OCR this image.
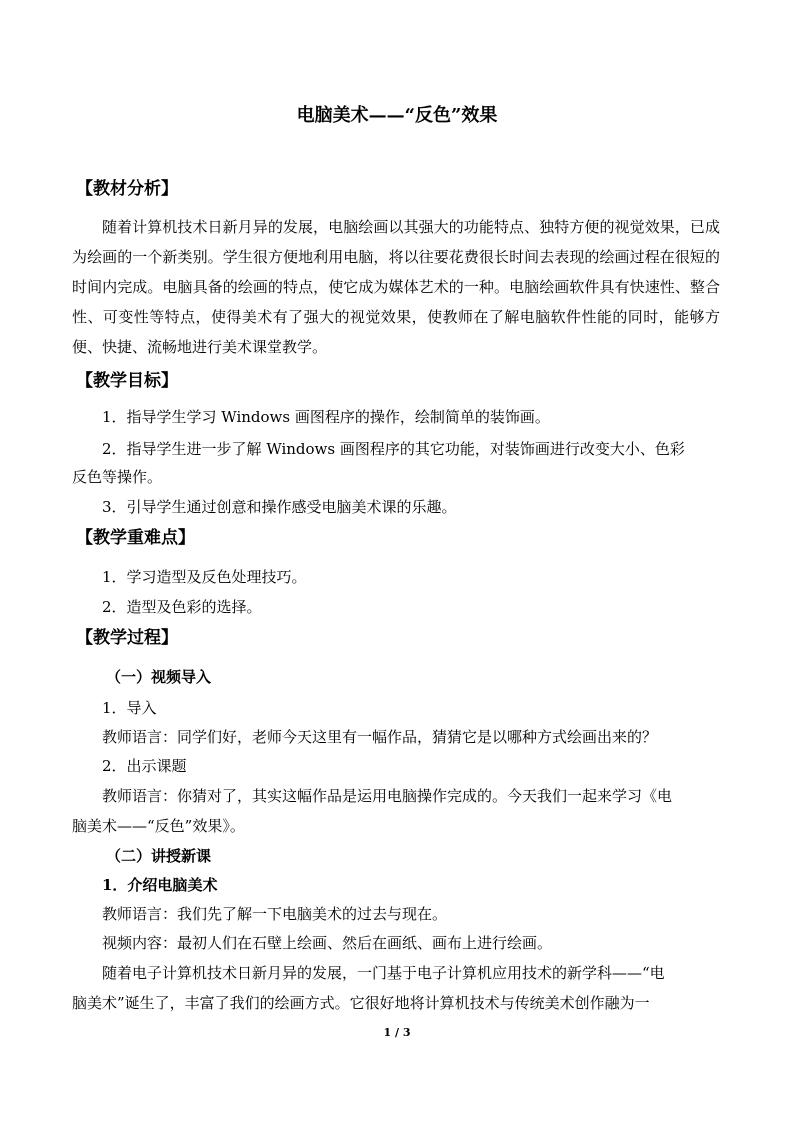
电脑美术——“反色”效果
【教材分析】
随着计算机技术日新月异的发展，电脑绘画以其强大的功能特点、独特方便的视觉效果，已成为绘画的一个新类别。学生很方便地利用电脑，将以往要花费很长时间去表现的绘画过程在很短的时间内完成。电脑具备的绘画的特点，使它成为媒体艺术的一种。电脑绘画软件具有快速性、整合性、可变性等特点，使得美术有了强大的视觉效果，使教师在了解电脑软件性能的同时，能够方便、快捷、流畅地进行美术课堂教学。
【教学目标】
1．指导学生学习 Windows 画图程序的操作，绘制简单的装饰画。
2．指导学生进一步了解 Windows 画图程序的其它功能，对装饰画进行改变大小、色彩
反色等操作。
3．引导学生通过创意和操作感受电脑美术课的乐趣。
【教学重难点】
1．学习造型及反色处理技巧。
2．造型及色彩的选择。
【教学过程】
（一）视频导入
1．导入
教师语言：同学们好，老师今天这里有一幅作品，猜猜它是以哪种方式绘画出来的？
2．出示课题
教师语言：你猜对了，其实这幅作品是运用电脑操作完成的。今天我们一起来学习《电
脑美术——“反色”效果》。
（二）讲授新课
1．介绍电脑美术
教师语言：我们先了解一下电脑美术的过去与现在。
视频内容：最初人们在石壁上绘画、然后在画纸、画布上进行绘画。
随着电子计算机技术日新月异的发展，一门基于电子计算机应用技术的新学科——“电
脑美术”诞生了，丰富了我们的绘画方式。它很好地将计算机技术与传统美术创作融为一
1 / 3
